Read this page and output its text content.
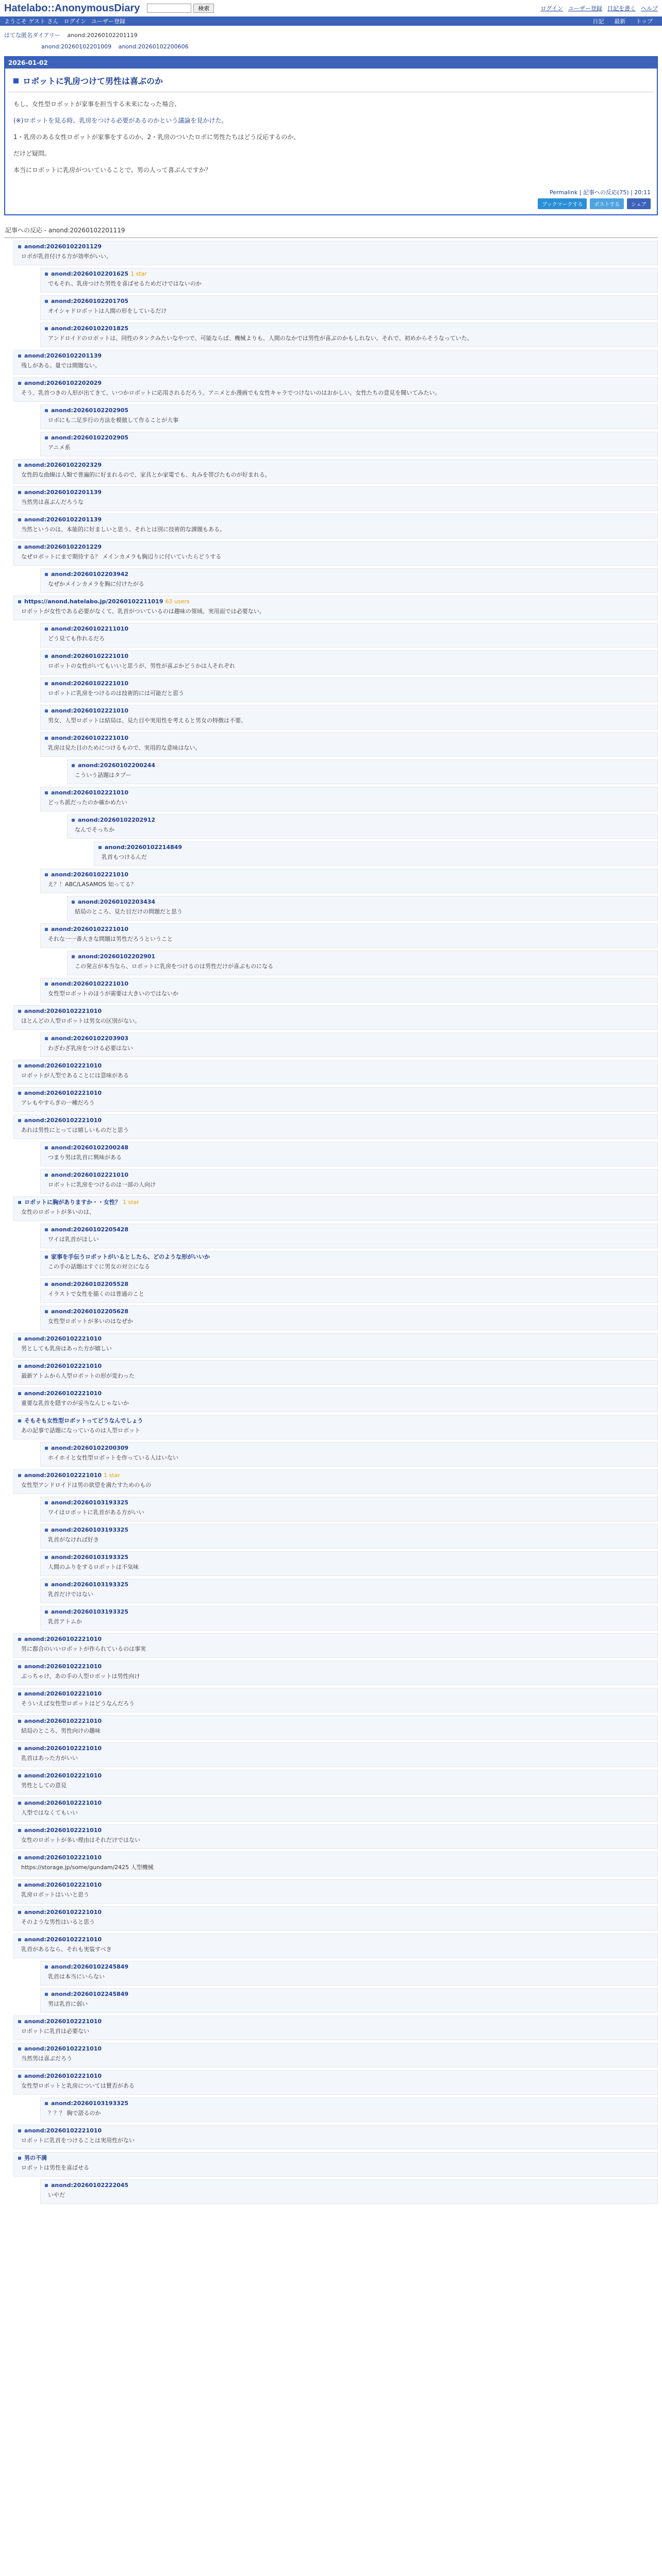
Hatelabo::AnonymousDiary	検索	ログイン ユーザー登録 日記を書く ヘルプ
ようこそ ゲスト さん ログイン ユーザー登録	日記 最新 トップ
はてな匿名ダイアリー anond:20260102201119
anond:20260102201009 anond:20260102200606
2026-01-02
ロボットに乳房つけて男性は喜ぶのか

もし、女性型ロボットが家事を担当する未来になった場合、

(※)ロボットを見る時、乳房をつける必要があるのかという議論を見かけた。

1・乳房のある女性ロボットが家事をするのか、2・乳房のついたロボに男性たちはどう反応するのか、

だけど疑問。

本当にロボットに乳房がついていることで、男の人って喜ぶんですか？

Permalink | 記事への反応(75) | 20:11
ブックマークする	ポストする	シェア
記事への反応 - anond:20260102201119
anond:20260102201129
ロボが乳首付ける方が効率がいい。
anond:20260102201625 1 star
でもそれ、乳房つけた男性を喜ばせるためだけではないのか
anond:20260102201705
オイシャドロボットは人間の形をしているだけ
anond:20260102201825
アンドロイドのロボットは、同性のタンクみたいなやつで、可能ならば、機械よりも、人間のなかでは男性が喜ぶのかもしれない。それで、初めからそうなっていた。
anond:20260102201139
残しがある。量では間題ない。
anond:20260102202029
そう、乳首つきの人形が出てきて、いつかロボットに応用されるだろう。アニメとか漫画でも女性キャラでつけないのはおかしい。女性たちの意見を聞いてみたい。
anond:20260102202905
ロボにも二足歩行の方法を模倣して作ることが大事
anond:20260102202905
アニメ系
anond:20260102202329
女性的な曲線は人類で普遍的に好まれるので、家具とか家電でも、丸みを帯びたものが好まれる。
anond:20260102201139
当然男は喜ぶんだろうな
anond:20260102201139
当然というのは、本能的に好ましいと思う。それとは別に技術的な課題もある。
anond:20260102201229
なぜロボットにまで期待する？ メインカメラも胸辺りに付いていたらどうする
anond:20260102203942
なぜかメインカメラを胸に付けたがる
https://anond.hatelabo.jp/20260102211019 63 users
ロボットが女性である必要がなくて、乳首がついているのは趣味の領域。実用面では必要ない。
anond:20260102211010
どう見ても作れるだろ
anond:20260102221010
ロボットの女性がいてもいいと思うが、男性が喜ぶかどうかは人それぞれ
anond:20260102221010
ロボットに乳房をつけるのは技術的には可能だと思う
anond:20260102221010
男女、人型ロボットは結局は、見た目や実用性を考えると男女の特徴は不要。
anond:20260102221010
乳房は見た目のためにつけるもので、実用的な意味はない。
anond:20260102200244
こういう話題はタブー
anond:20260102221010
どっち派だったのか確かめたい
anond:20260102202912
なんでそっちか
anond:20260102214849
乳首もつけるんだ
anond:20260102221010
え？！ABC/LASAMOS 知ってる？
anond:20260102203434
結局のところ、見た目だけの問題だと思う
anond:20260102221010
それな一一番大きな問題は男性だろうということ
anond:20260102202901
この発言が本当なら、ロボットに乳房をつけるのは男性だけが喜ぶものになる
anond:20260102221010
女性型ロボットのほうが需要は大きいのではないか
anond:20260102221010
ほとんどの人型ロボットは男女の区別がない。
anond:20260102203903
わざわざ乳房をつける必要はない
anond:20260102221010
ロボットが人型であることには意味がある
anond:20260102221010
アレもやすらぎの一種だろう
anond:20260102221010
あれは男性にとっては嬉しいものだと思う
anond:20260102200248
つまり男は乳首に興味がある
anond:20260102221010
ロボットに乳房をつけるのは一部の人向け
ロボットに胸がありますか・・女性？ 1 star
女性のロボットが多いのは、
anond:20260102205428
ワイは乳首がほしい
家事を手伝うロボットがいるとしたら、どのような形がいいか
この手の話題はすぐに男女の対立になる
anond:20260102205528
イラストで女性を描くのは普通のこと
anond:20260102205628
女性型ロボットが多いのはなぜか
anond:20260102221010
男としても乳房はあった方が嬉しい
anond:20260102221010
最新アトムから人型ロボットの形が変わった
anond:20260102221010
重要な乳首を隠すのが妥当なんじゃないか
そもそも女性型ロボットってどうなんでしょう
あの記事で話題になっているのは人型ロボット
anond:20260102200309
ホイホイと女性型ロボットを作っている人はいない
anond:20260102221010 1 star
女性型アンドロイドは男の欲望を満たすためのもの
anond:20260103193325
ワイはロボットに乳首がある方がいい
anond:20260103193325
乳首がなければ好き
anond:20260103193325
人間のふりをするロボットは不気味
anond:20260103193325
乳首だけではない
anond:20260103193325
乳首アトムか
anond:20260102221010
男に都合のいいロボットが作られているのは事実
anond:20260102221010
ぶっちゃけ、あの手の人型ロボットは男性向け
anond:20260102221010
そういえば女性型ロボットはどうなんだろう
anond:20260102221010
結局のところ、男性向けの趣味
anond:20260102221010
乳首はあった方がいい
anond:20260102221010
男性としての意見
anond:20260102221010
人型ではなくてもいい
anond:20260102221010
女性のロボットが多い理由はそれだけではない
anond:20260102221010
https://storage.jp/some/gundam/2425 人型機械
anond:20260102221010
乳房ロボットはいいと思う
anond:20260102221010
そのような男性はいると思う
anond:20260102221010
乳首があるなら、それも実装すべき
anond:20260102245849
乳首は本当にいらない
anond:20260102245849
男は乳首に弱い
anond:20260102221010
ロボットに乳首は必要ない
anond:20260102221010
当然男は喜ぶだろう
anond:20260102221010
女性型ロボットと乳房については賛否がある
anond:20260103193325
？？？ 胸で語るのか
anond:20260102221010
ロボットに乳首をつけることは実用性がない
男の不満
ロボットは男性を喜ばせる
anond:20260102222045
いやだ
